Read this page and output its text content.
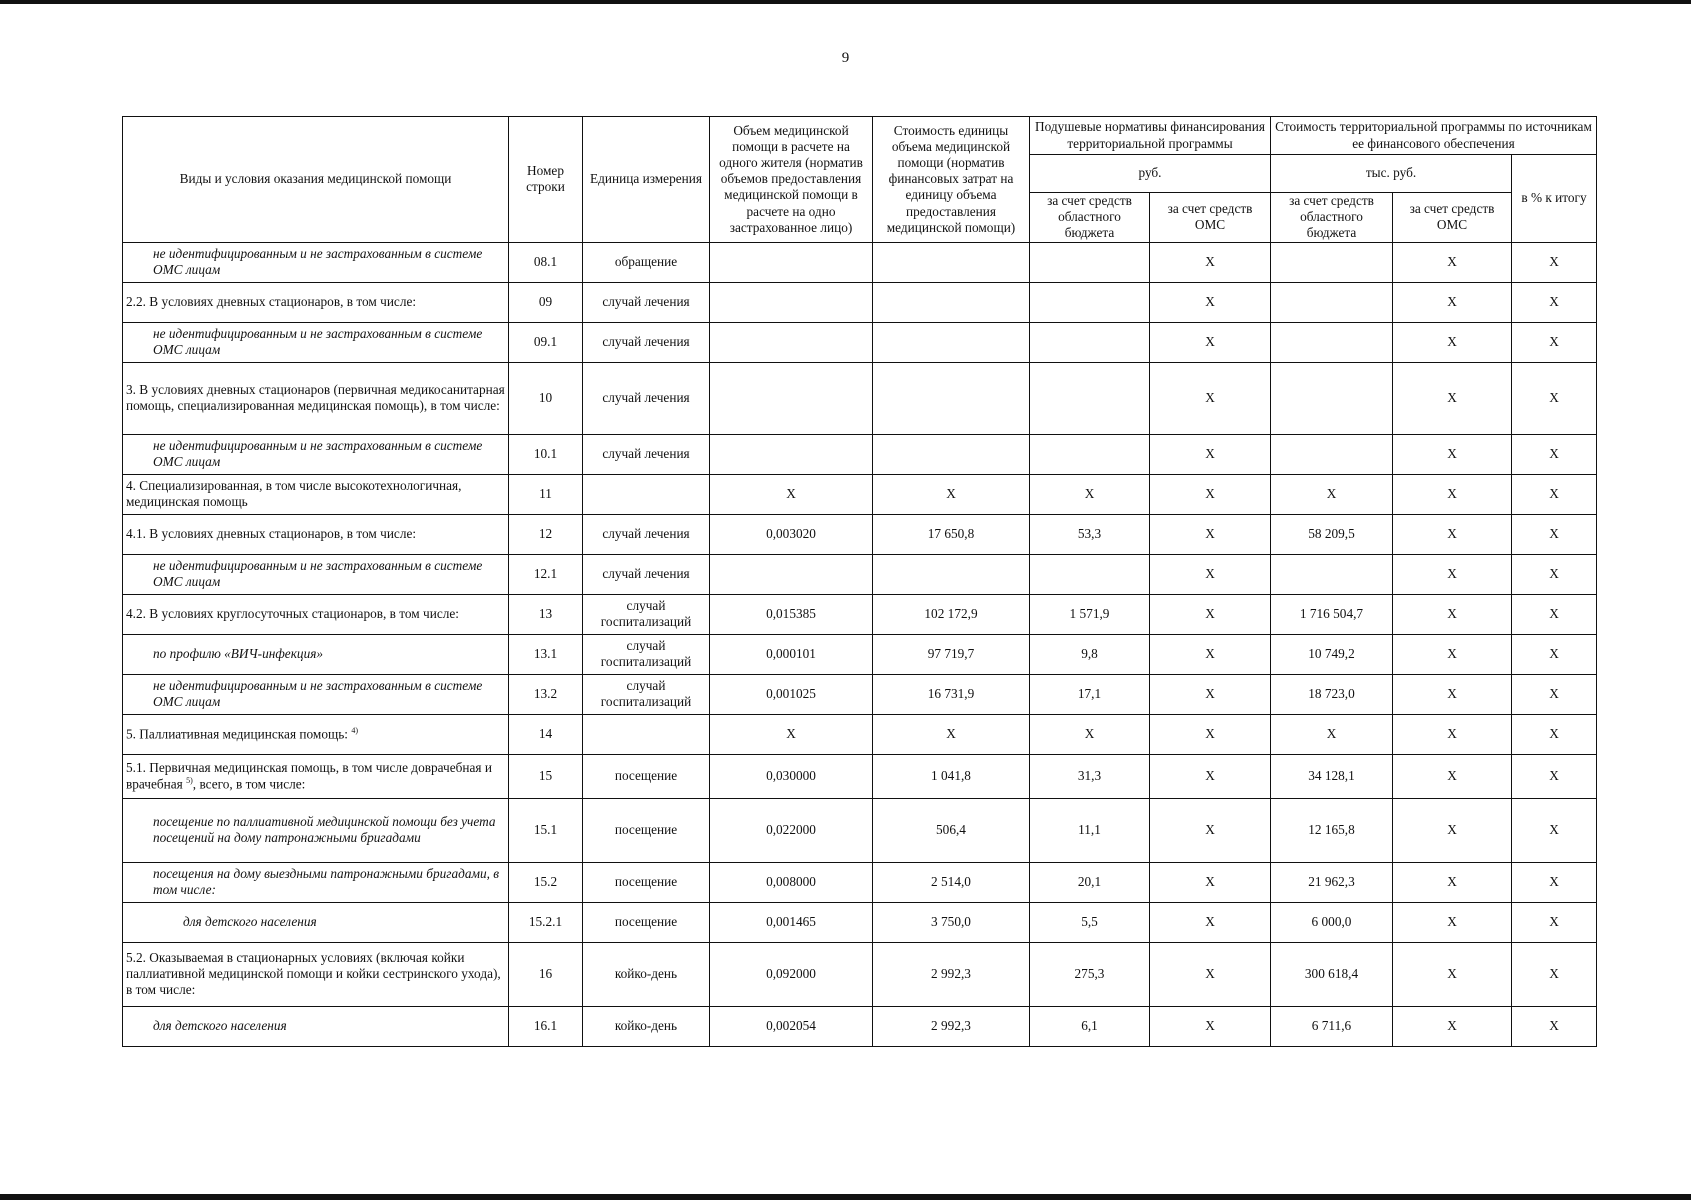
9
Виды и условия оказания медицинской помощи	Номер строки	Единица измерения	Объем медицинской помощи в расчете на одного жителя (норматив объемов предоставления медицинской помощи в расчете на одно застрахованное лицо)	Стоимость единицы объема медицинской помощи (норматив финансовых затрат на единицу объема предоставления медицинской помощи)	Подушевые нормативы финансирования территориальной программы		Стоимость территориальной программы по источникам ее финансового обеспечения		
					руб.		тыс. руб.		в % к итогу
					за счет средств областного бюджета	за счет средств ОМС	за счет средств областного бюджета	за счет средств ОМС	
не идентифицированным и не застрахованным в системе ОМС лицам	08.1	обращение				X		X	X
2.2. В условиях дневных стационаров, в том числе:	09	случай лечения				X		X	X
не идентифицированным и не застрахованным в системе ОМС лицам	09.1	случай лечения				X		X	X
3. В условиях дневных стационаров (первичная медикосанитарная помощь, специализированная медицинская помощь), в том числе:	10	случай лечения				X		X	X
не идентифицированным и не застрахованным в системе ОМС лицам	10.1	случай лечения				X		X	X
4. Специализированная, в том числе высокотехнологичная, медицинская помощь	11		X	X	X	X	X	X	X
4.1. В условиях дневных стационаров, в том числе:	12	случай лечения	0,003020	17 650,8	53,3	X	58 209,5	X	X
не идентифицированным и не застрахованным в системе ОМС лицам	12.1	случай лечения				X		X	X
4.2. В условиях круглосуточных стационаров, в том числе:	13	случай госпитализаций	0,015385	102 172,9	1 571,9	X	1 716 504,7	X	X
по профилю «ВИЧ-инфекция»	13.1	случай госпитализаций	0,000101	97 719,7	9,8	X	10 749,2	X	X
не идентифицированным и не застрахованным в системе ОМС лицам	13.2	случай госпитализаций	0,001025	16 731,9	17,1	X	18 723,0	X	X
5. Паллиативная медицинская помощь: $^{4)}$	14		X	X	X	X	X	X	X
5.1. Первичная медицинская помощь, в том числе доврачебная и врачебная $^{5)}$, всего, в том числе:	15	посещение	0,030000	1 041,8	31,3	X	34 128,1	X	X
посещение по паллиативной медицинской помощи без учета посещений на дому патронажными бригадами	15.1	посещение	0,022000	506,4	11,1	X	12 165,8	X	X
посещения на дому выездными патронажными бригадами, в том числе:	15.2	посещение	0,008000	2 514,0	20,1	X	21 962,3	X	X
для детского населения	15.2.1	посещение	0,001465	3 750,0	5,5	X	6 000,0	X	X
5.2. Оказываемая в стационарных условиях (включая койки паллиативной медицинской помощи и койки сестринского ухода), в том числе:	16	койко-день	0,092000	2 992,3	275,3	X	300 618,4	X	X
для детского населения	16.1	койко-день	0,002054	2 992,3	6,1	X	6 711,6	X	X
